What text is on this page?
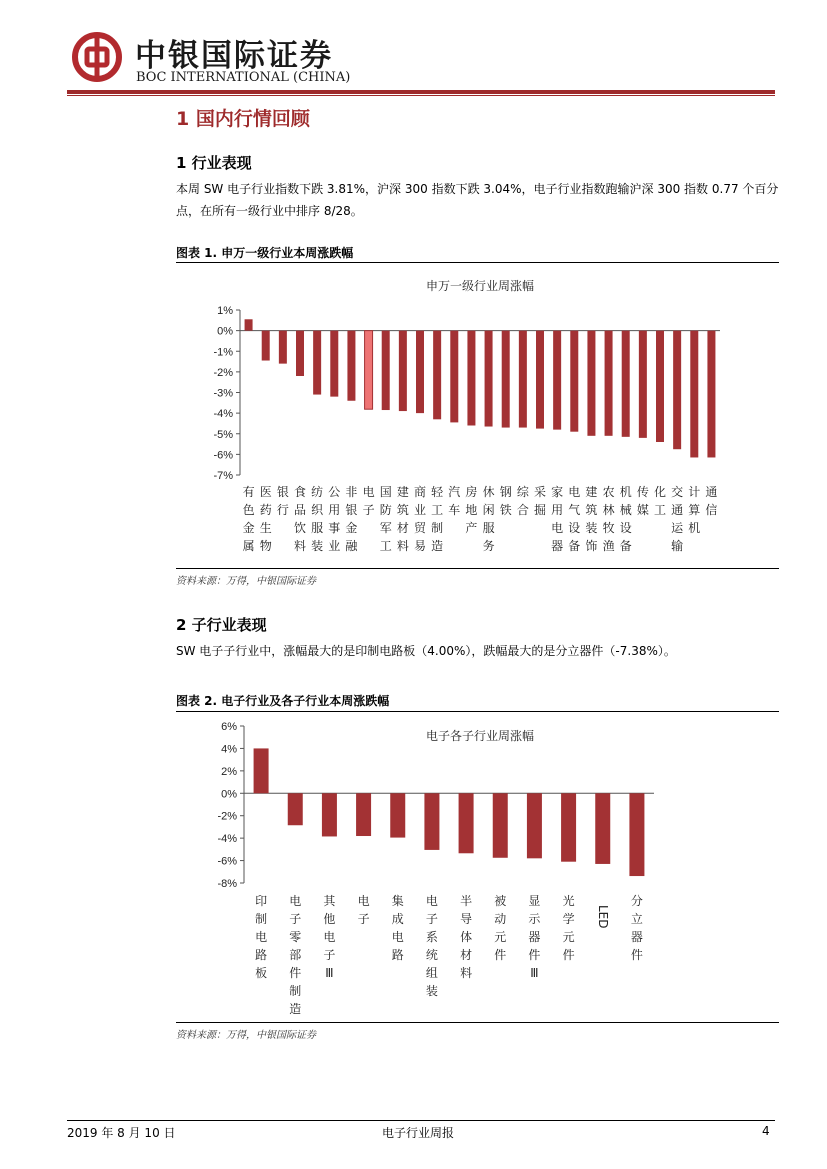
中银国际证券
BOC INTERNATIONAL (CHINA)
1 国内行情回顾
1 行业表现
本周 SW 电子行业指数下跌 3.81%，沪深 300 指数下跌 3.04%，电子行业指数跑输沪深 300 指数 0.77 个百分点，在所有一级行业中排序 8/28。
图表 1. 申万一级行业本周涨跌幅
申万一级行业周涨幅
1%
0%
-1%
-2%
-3%
-4%
-5%
-6%
-7%
有色金属
医药生物
银行
食品饮料
纺织服装
公用事业
非银金融
电子
国防军工
建筑材料
商业贸易
轻工制造
汽车
房地产
休闲服务
钢铁
综合
采掘
家用电器
电气设备
建筑装饰
农林牧渔
机械设备
传媒
化工
交通运输
计算机
通信
资料来源：万得，中银国际证券
2 子行业表现
SW 电子子行业中，涨幅最大的是印制电路板（4.00%），跌幅最大的是分立器件（-7.38%）。
图表 2. 电子行业及各子行业本周涨跌幅
电子各子行业周涨幅
6%
4%
2%
0%
-2%
-4%
-6%
-8%
印制电路板
电子零部件制造
其他电子 Ⅲ
电子
集成电路
电子系统组装
半导体材料
被动元件
显示器件 Ⅲ
光学元件
LED
分立器件
资料来源：万得，中银国际证券
2019 年 8 月 10 日	电子行业周报	4
